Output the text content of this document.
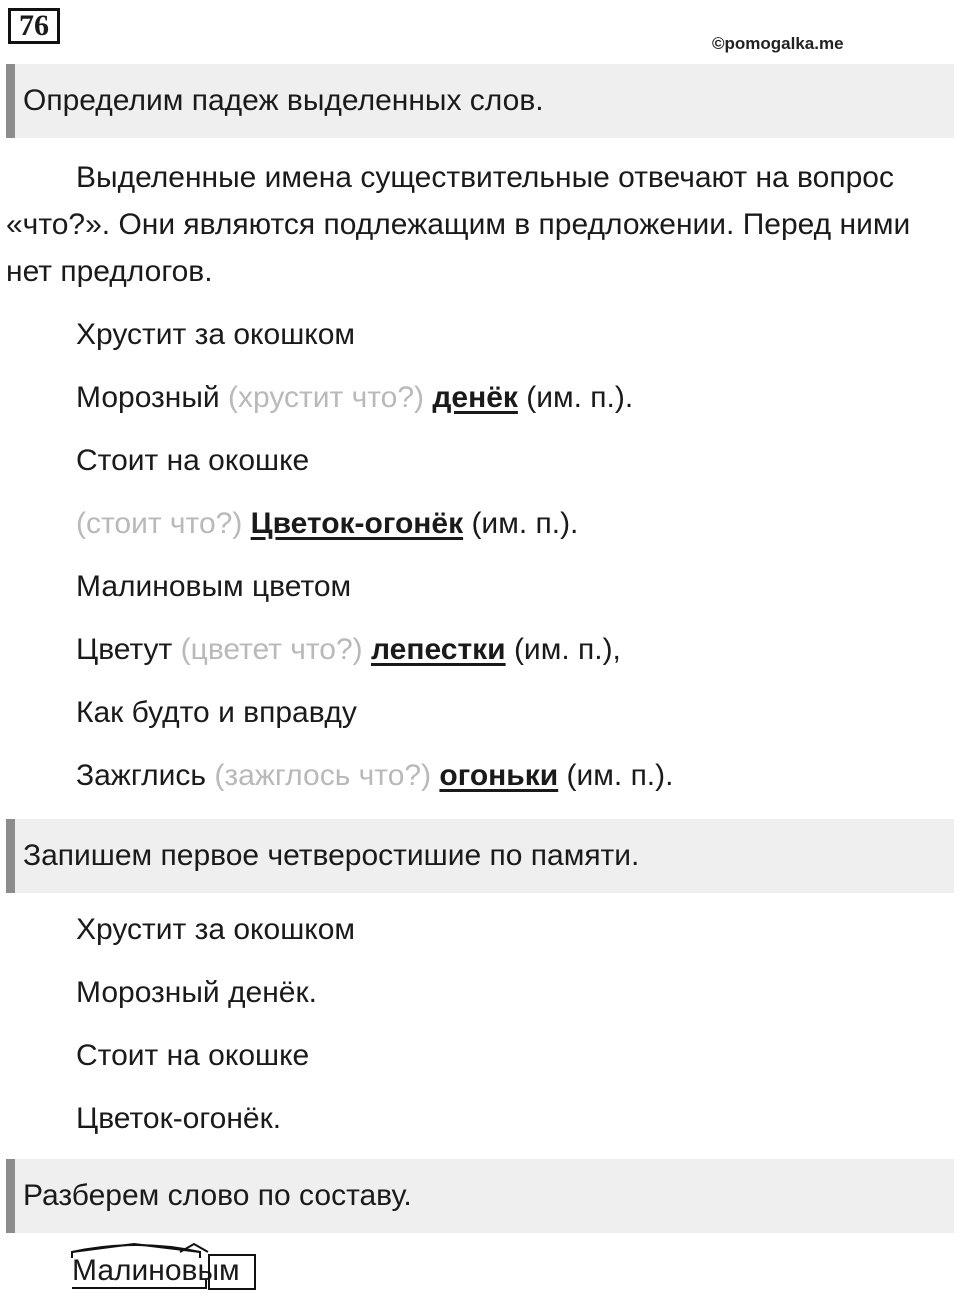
76
©pomogalka.me
Определим падеж выделенных слов.

Выделенные имена существительные отвечают на вопрос «что?». Они являются подлежащим в предложении. Перед ними нет предлогов.

Хрустит за окошком
Морозный (хрустит что?) денёк (им. п.).
Стоит на окошке
(стоит что?) Цветок-огонёк (им. п.).
Малиновым цветом
Цветут (цветет что?) лепестки (им. п.),
Как будто и вправду
Зажглись (зажглось что?) огоньки (им. п.).
Запишем первое четверостишие по памяти.
Хрустит за окошком
Морозный денёк.
Стоит на окошке
Цветок-огонёк.
Разберем слово по составу.
Малиновым
